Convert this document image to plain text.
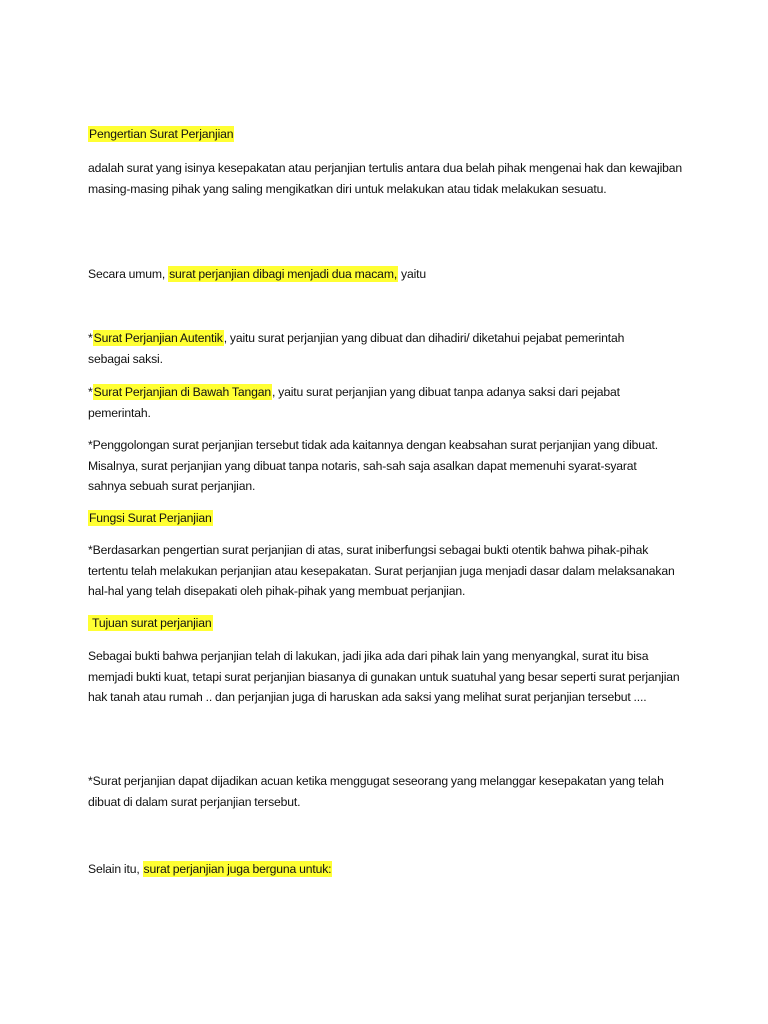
Pengertian Surat Perjanjian
adalah surat yang isinya kesepakatan atau perjanjian tertulis antara dua belah pihak mengenai hak dan kewajiban masing-masing pihak yang saling mengikatkan diri untuk melakukan atau tidak melakukan sesuatu.
Secara umum, surat perjanjian dibagi menjadi dua macam, yaitu
*Surat Perjanjian Autentik, yaitu surat perjanjian yang dibuat dan dihadiri/ diketahui pejabat pemerintah sebagai saksi.
*Surat Perjanjian di Bawah Tangan, yaitu surat perjanjian yang dibuat tanpa adanya saksi dari pejabat pemerintah.
*Penggolongan surat perjanjian tersebut tidak ada kaitannya dengan keabsahan surat perjanjian yang dibuat. Misalnya, surat perjanjian yang dibuat tanpa notaris, sah-sah saja asalkan dapat memenuhi syarat-syarat sahnya sebuah surat perjanjian.
Fungsi Surat Perjanjian
*Berdasarkan pengertian surat perjanjian di atas, surat iniberfungsi sebagai bukti otentik bahwa pihak-pihak tertentu telah melakukan perjanjian atau kesepakatan. Surat perjanjian juga menjadi dasar dalam melaksanakan hal-hal yang telah disepakati oleh pihak-pihak yang membuat perjanjian.
Tujuan surat perjanjian
Sebagai bukti bahwa perjanjian telah di lakukan, jadi jika ada dari pihak lain yang menyangkal, surat itu bisa memjadi bukti kuat, tetapi surat perjanjian biasanya di gunakan untuk suatuhal yang besar seperti surat perjanjian hak tanah atau rumah .. dan perjanjian juga di haruskan ada saksi yang melihat surat perjanjian tersebut ....
*Surat perjanjian dapat dijadikan acuan ketika menggugat seseorang yang melanggar kesepakatan yang telah dibuat di dalam surat perjanjian tersebut.
Selain itu, surat perjanjian juga berguna untuk:
